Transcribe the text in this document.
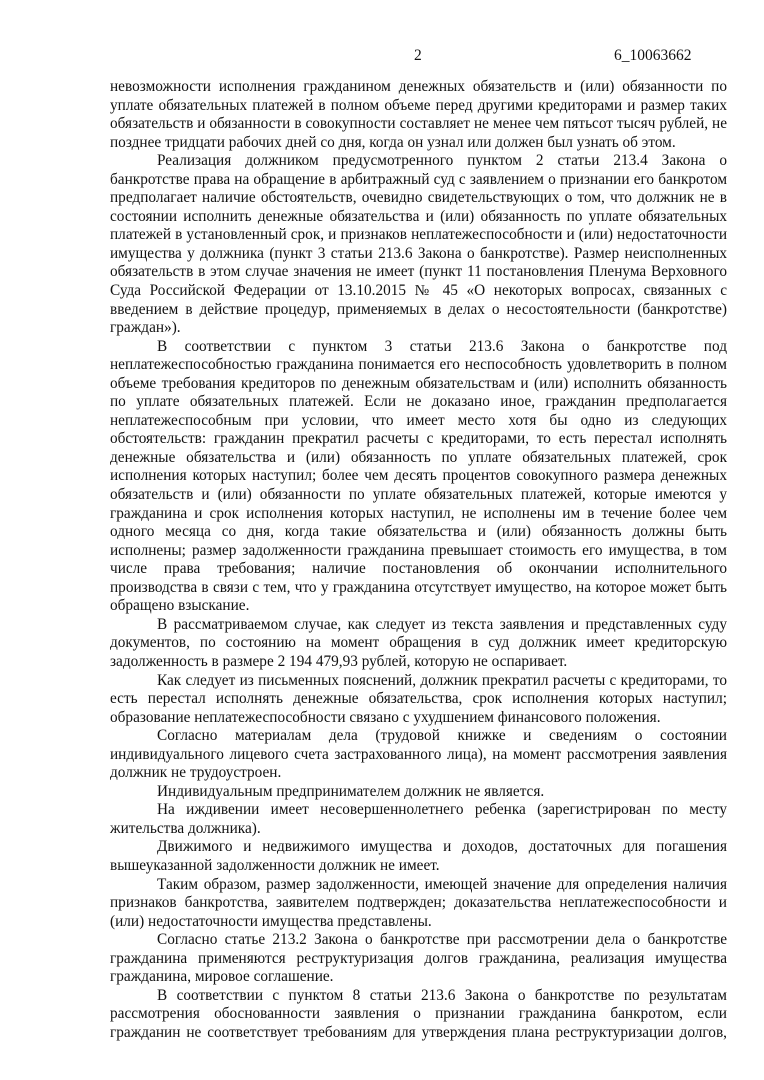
2	6_10063662

невозможности исполнения гражданином денежных обязательств и (или) обязанности по уплате обязательных платежей в полном объеме перед другими кредиторами и размер таких обязательств и обязанности в совокупности составляет не менее чем пятьсот тысяч рублей, не позднее тридцати рабочих дней со дня, когда он узнал или должен был узнать об этом.

Реализация должником предусмотренного пунктом 2 статьи 213.4 Закона о банкротстве права на обращение в арбитражный суд с заявлением о признании его банкротом предполагает наличие обстоятельств, очевидно свидетельствующих о том, что должник не в состоянии исполнить денежные обязательства и (или) обязанность по уплате обязательных платежей в установленный срок, и признаков неплатежеспособности и (или) недостаточности имущества у должника (пункт 3 статьи 213.6 Закона о банкротстве). Размер неисполненных обязательств в этом случае значения не имеет (пункт 11 постановления Пленума Верховного Суда Российской Федерации от 13.10.2015 № 45 «О некоторых вопросах, связанных с введением в действие процедур, применяемых в делах о несостоятельности (банкротстве) граждан»).

В соответствии с пунктом 3 статьи 213.6 Закона о банкротстве под неплатежеспособностью гражданина понимается его неспособность удовлетворить в полном объеме требования кредиторов по денежным обязательствам и (или) исполнить обязанность по уплате обязательных платежей. Если не доказано иное, гражданин предполагается неплатежеспособным при условии, что имеет место хотя бы одно из следующих обстоятельств: гражданин прекратил расчеты с кредиторами, то есть перестал исполнять денежные обязательства и (или) обязанность по уплате обязательных платежей, срок исполнения которых наступил; более чем десять процентов совокупного размера денежных обязательств и (или) обязанности по уплате обязательных платежей, которые имеются у гражданина и срок исполнения которых наступил, не исполнены им в течение более чем одного месяца со дня, когда такие обязательства и (или) обязанность должны быть исполнены; размер задолженности гражданина превышает стоимость его имущества, в том числе права требования; наличие постановления об окончании исполнительного производства в связи с тем, что у гражданина отсутствует имущество, на которое может быть обращено взыскание.

В рассматриваемом случае, как следует из текста заявления и представленных суду документов, по состоянию на момент обращения в суд должник имеет кредиторскую задолженность в размере 2 194 479,93 рублей, которую не оспаривает.

Как следует из письменных пояснений, должник прекратил расчеты с кредиторами, то есть перестал исполнять денежные обязательства, срок исполнения которых наступил; образование неплатежеспособности связано с ухудшением финансового положения.

Согласно материалам дела (трудовой книжке и сведениям о состоянии индивидуального лицевого счета застрахованного лица), на момент рассмотрения заявления должник не трудоустроен.

Индивидуальным предпринимателем должник не является.

На иждивении имеет несовершеннолетнего ребенка (зарегистрирован по месту жительства должника).

Движимого и недвижимого имущества и доходов, достаточных для погашения вышеуказанной задолженности должник не имеет.

Таким образом, размер задолженности, имеющей значение для определения наличия признаков банкротства, заявителем подтвержден; доказательства неплатежеспособности и (или) недостаточности имущества представлены.

Согласно статье 213.2 Закона о банкротстве при рассмотрении дела о банкротстве гражданина применяются реструктуризация долгов гражданина, реализация имущества гражданина, мировое соглашение.

В соответствии с пунктом 8 статьи 213.6 Закона о банкротстве по результатам рассмотрения обоснованности заявления о признании гражданина банкротом, если гражданин не соответствует требованиям для утверждения плана реструктуризации долгов,
